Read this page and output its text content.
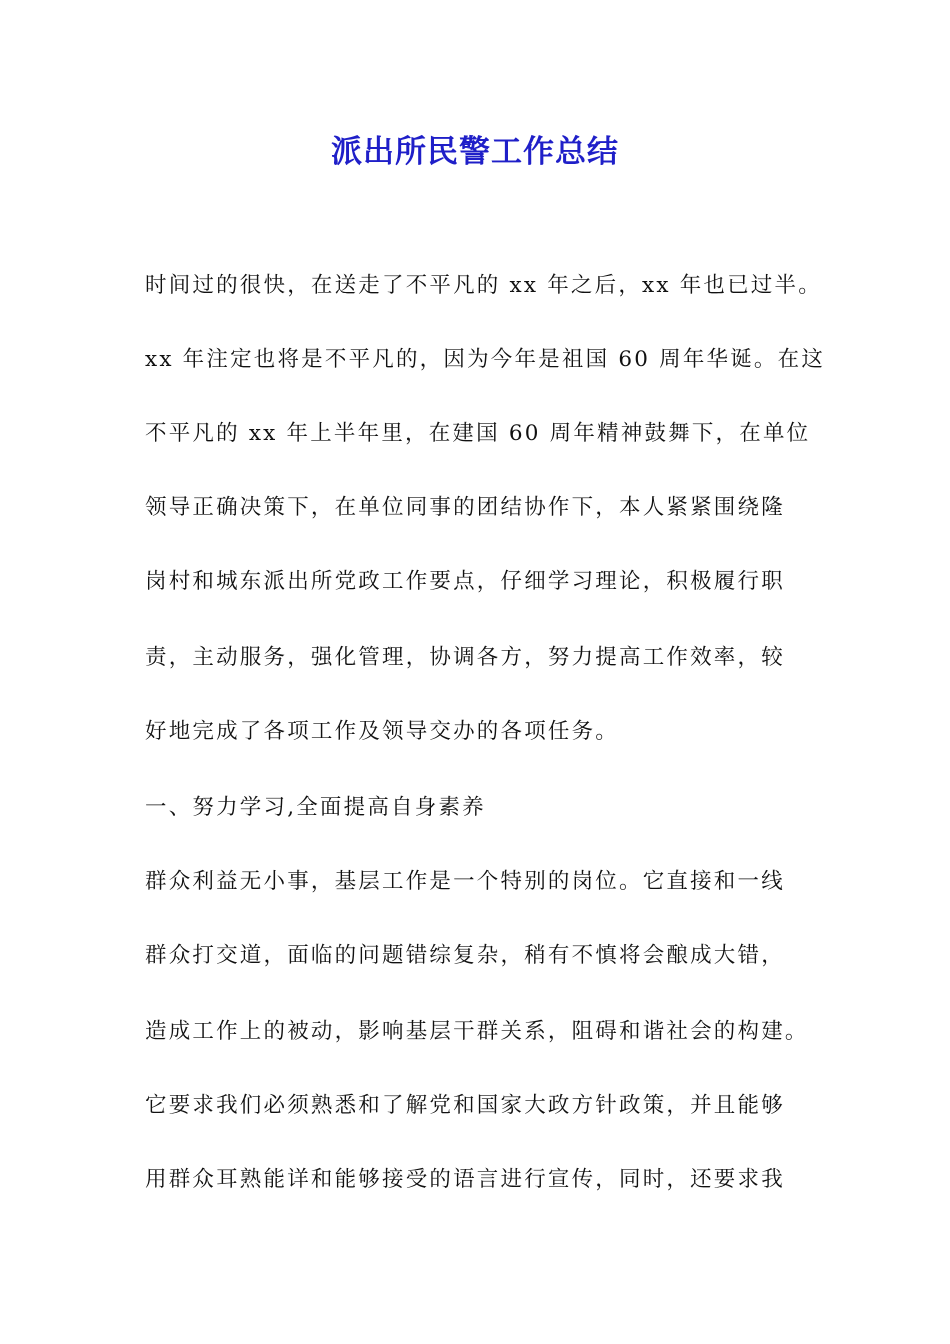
派出所民警工作总结
时间过的很快，在送走了不平凡的 xx 年之后，xx 年也已过半。
xx 年注定也将是不平凡的，因为今年是祖国 60 周年华诞。在这
不平凡的 xx 年上半年里，在建国 60 周年精神鼓舞下，在单位
领导正确决策下，在单位同事的团结协作下，本人紧紧围绕隆
岗村和城东派出所党政工作要点，仔细学习理论，积极履行职
责，主动服务，强化管理，协调各方，努力提高工作效率，较
好地完成了各项工作及领导交办的各项任务。
一、努力学习,全面提高自身素养
群众利益无小事，基层工作是一个特别的岗位。它直接和一线
群众打交道，面临的问题错综复杂，稍有不慎将会酿成大错，
造成工作上的被动，影响基层干群关系，阻碍和谐社会的构建。
它要求我们必须熟悉和了解党和国家大政方针政策，并且能够
用群众耳熟能详和能够接受的语言进行宣传，同时，还要求我
